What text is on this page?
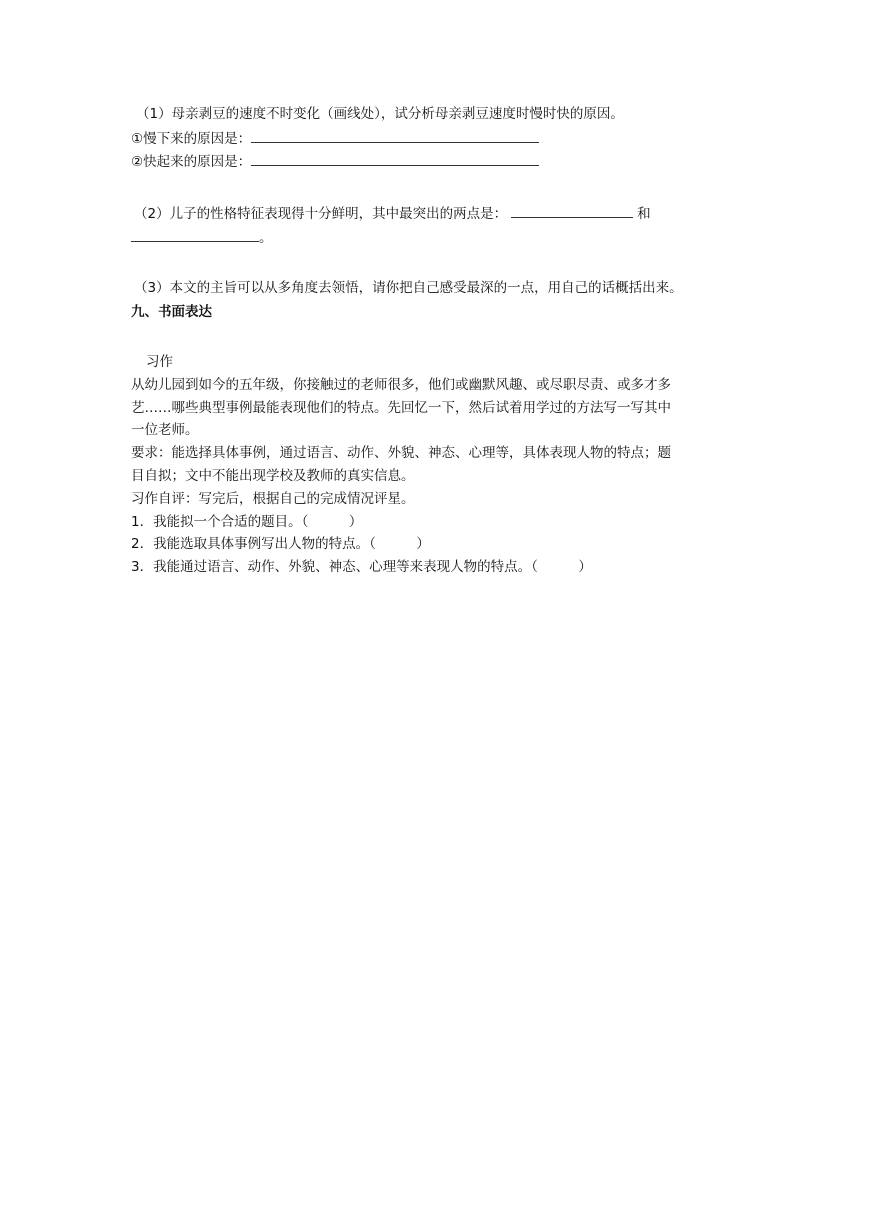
（1）母亲剥豆的速度不时变化（画线处），试分析母亲剥豆速度时慢时快的原因。
①慢下来的原因是：
②快起来的原因是：
（2）儿子的性格特征表现得十分鲜明，其中最突出的两点是：	和
。
（3）本文的主旨可以从多角度去领悟，请你把自己感受最深的一点，用自己的话概括出来。
九、书面表达
习作
从幼儿园到如今的五年级，你接触过的老师很多，他们或幽默风趣、或尽职尽责、或多才多
艺……哪些典型事例最能表现他们的特点。先回忆一下，然后试着用学过的方法写一写其中
一位老师。
要求：能选择具体事例，通过语言、动作、外貌、神态、心理等，具体表现人物的特点；题
目自拟；文中不能出现学校及教师的真实信息。
习作自评：写完后，根据自己的完成情况评星。
1．我能拟一个合适的题目。（　　　）
2．我能选取具体事例写出人物的特点。（　　　）
3．我能通过语言、动作、外貌、神态、心理等来表现人物的特点。（　　　）
